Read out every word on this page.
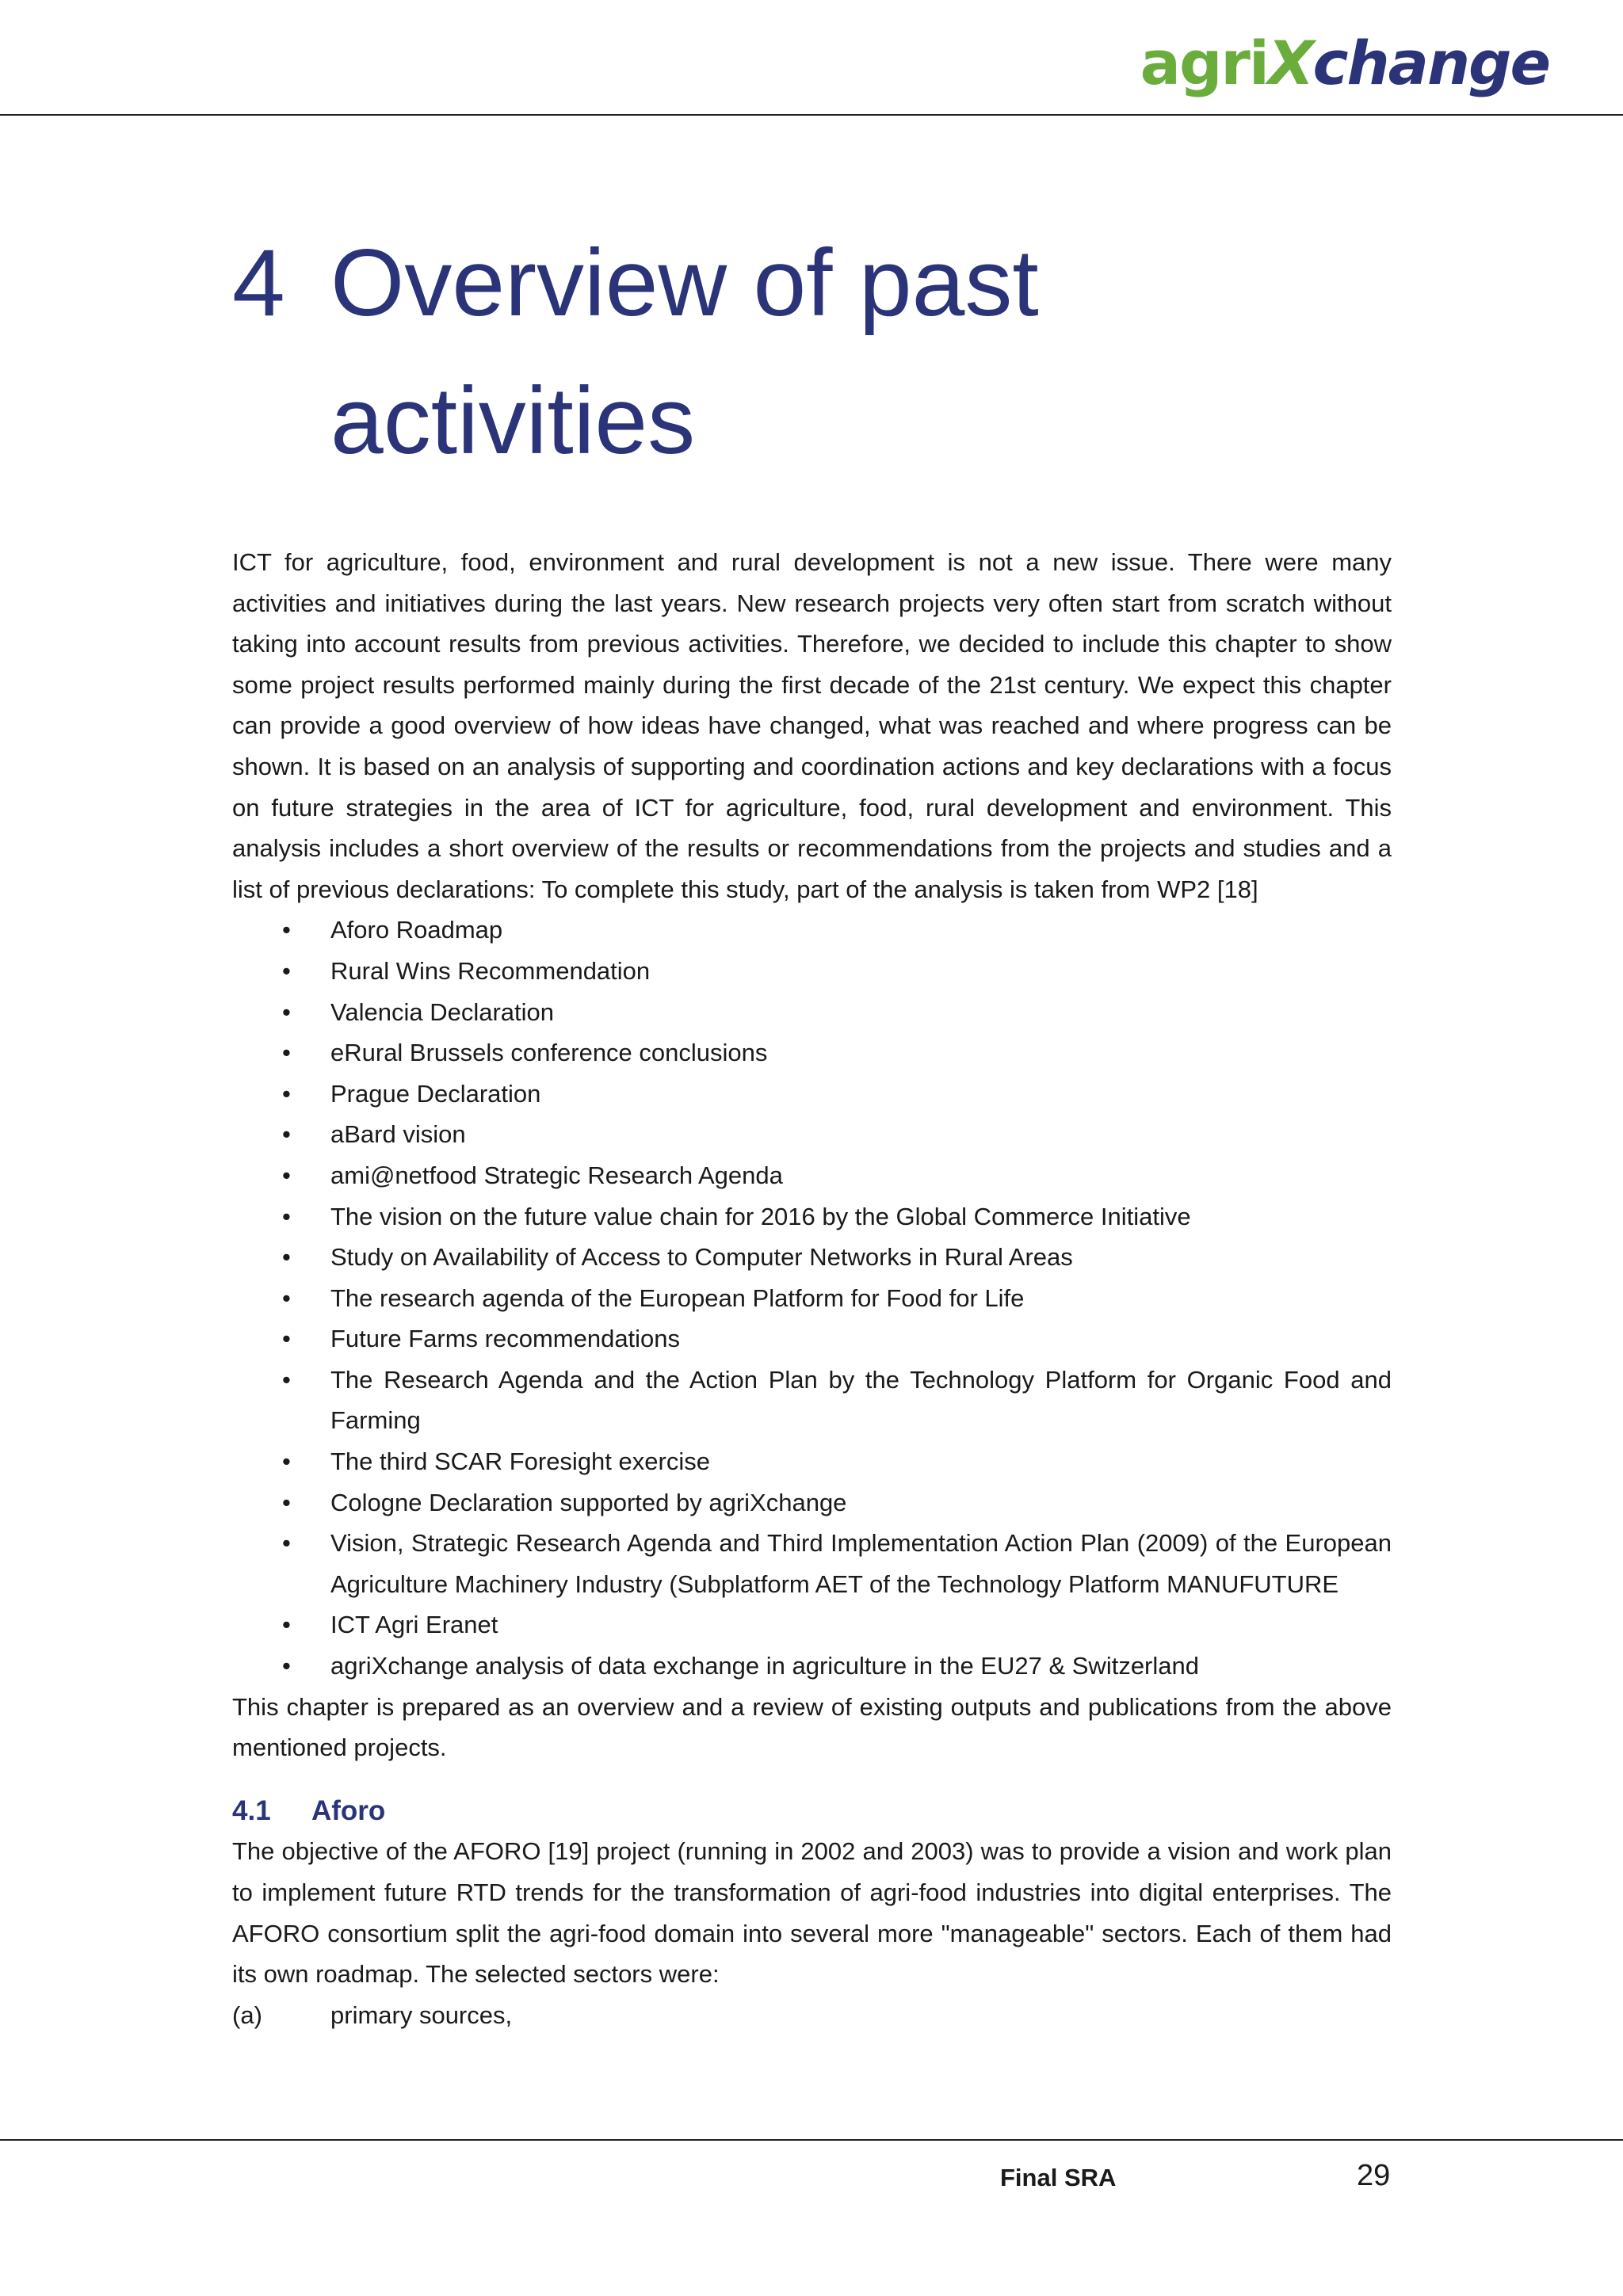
agriXchange
4 Overview of past activities

ICT for agriculture, food, environment and rural development is not a new issue. There were many activities and initiatives during the last years. New research projects very often start from scratch without taking into account results from previous activities. Therefore, we decided to include this chapter to show some project results performed mainly during the first decade of the 21st century. We expect this chapter can provide a good overview of how ideas have changed, what was reached and where progress can be shown. It is based on an analysis of supporting and coordination actions and key declarations with a focus on future strategies in the area of ICT for agriculture, food, rural development and environment. This analysis includes a short overview of the results or recommendations from the projects and studies and a list of previous declarations: To complete this study, part of the analysis is taken from WP2 [18]

• Aforo Roadmap
• Rural Wins Recommendation
• Valencia Declaration
• eRural Brussels conference conclusions
• Prague Declaration
• aBard vision
• ami@netfood Strategic Research Agenda
• The vision on the future value chain for 2016 by the Global Commerce Initiative
• Study on Availability of Access to Computer Networks in Rural Areas
• The research agenda of the European Platform for Food for Life
• Future Farms recommendations
• The Research Agenda and the Action Plan by the Technology Platform for Organic Food and Farming
• The third SCAR Foresight exercise
• Cologne Declaration supported by agriXchange
• Vision, Strategic Research Agenda and Third Implementation Action Plan (2009) of the European Agriculture Machinery Industry (Subplatform AET of the Technology Platform MANUFUTURE
• ICT Agri Eranet
• agriXchange analysis of data exchange in agriculture in the EU27 & Switzerland

This chapter is prepared as an overview and a review of existing outputs and publications from the above mentioned projects.

4.1	Aforo

The objective of the AFORO [19] project (running in 2002 and 2003) was to provide a vision and work plan to implement future RTD trends for the transformation of agri-food industries into digital enterprises. The AFORO consortium split the agri-food domain into several more "manageable" sectors. Each of them had its own roadmap. The selected sectors were:

(a)	primary sources,
Final SRA	29
